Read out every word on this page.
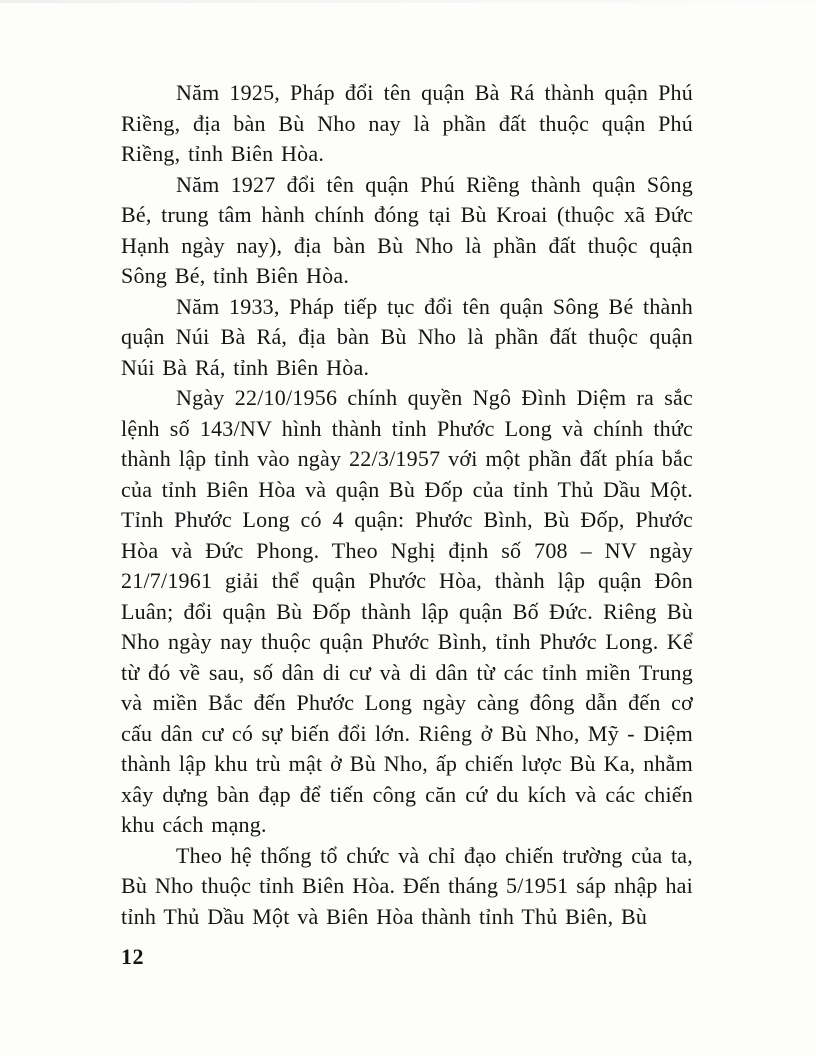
Năm 1925, Pháp đổi tên quận Bà Rá thành quận Phú Riềng, địa bàn Bù Nho nay là phần đất thuộc quận Phú Riềng, tỉnh Biên Hòa.

Năm 1927 đổi tên quận Phú Riềng thành quận Sông Bé, trung tâm hành chính đóng tại Bù Kroai (thuộc xã Đức Hạnh ngày nay), địa bàn Bù Nho là phần đất thuộc quận Sông Bé, tỉnh Biên Hòa.

Năm 1933, Pháp tiếp tục đổi tên quận Sông Bé thành quận Núi Bà Rá, địa bàn Bù Nho là phần đất thuộc quận Núi Bà Rá, tỉnh Biên Hòa.

Ngày 22/10/1956 chính quyền Ngô Đình Diệm ra sắc lệnh số 143/NV hình thành tỉnh Phước Long và chính thức thành lập tỉnh vào ngày 22/3/1957 với một phần đất phía bắc của tỉnh Biên Hòa và quận Bù Đốp của tỉnh Thủ Dầu Một. Tỉnh Phước Long có 4 quận: Phước Bình, Bù Đốp, Phước Hòa và Đức Phong. Theo Nghị định số 708 – NV ngày 21/7/1961 giải thể quận Phước Hòa, thành lập quận Đôn Luân; đổi quận Bù Đốp thành lập quận Bố Đức. Riêng Bù Nho ngày nay thuộc quận Phước Bình, tỉnh Phước Long. Kể từ đó về sau, số dân di cư và di dân từ các tỉnh miền Trung và miền Bắc đến Phước Long ngày càng đông dẫn đến cơ cấu dân cư có sự biến đổi lớn. Riêng ở Bù Nho, Mỹ - Diệm thành lập khu trù mật ở Bù Nho, ấp chiến lược Bù Ka, nhằm xây dựng bàn đạp để tiến công căn cứ du kích và các chiến khu cách mạng.

Theo hệ thống tổ chức và chỉ đạo chiến trường của ta, Bù Nho thuộc tỉnh Biên Hòa. Đến tháng 5/1951 sáp nhập hai tỉnh Thủ Dầu Một và Biên Hòa thành tỉnh Thủ Biên, Bù

12
